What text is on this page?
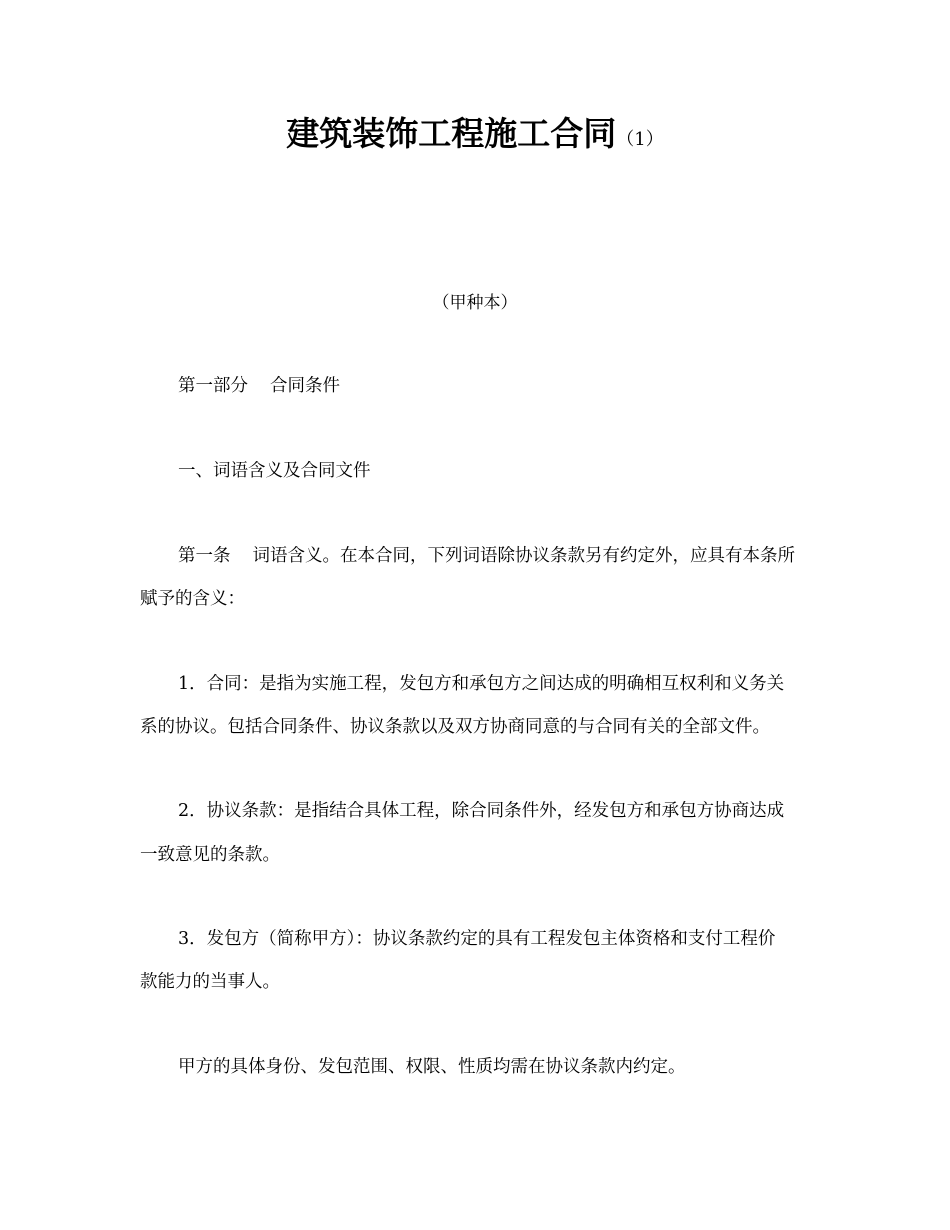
建筑装饰工程施工合同（1）
（甲种本）
第一部分 合同条件
一、词语含义及合同文件
第一条 词语含义。在本合同，下列词语除协议条款另有约定外，应具有本条所
赋予的含义：
1．合同：是指为实施工程，发包方和承包方之间达成的明确相互权利和义务关
系的协议。包括合同条件、协议条款以及双方协商同意的与合同有关的全部文件。
2．协议条款：是指结合具体工程，除合同条件外，经发包方和承包方协商达成
一致意见的条款。
3．发包方（简称甲方）：协议条款约定的具有工程发包主体资格和支付工程价
款能力的当事人。
甲方的具体身份、发包范围、权限、性质均需在协议条款内约定。
